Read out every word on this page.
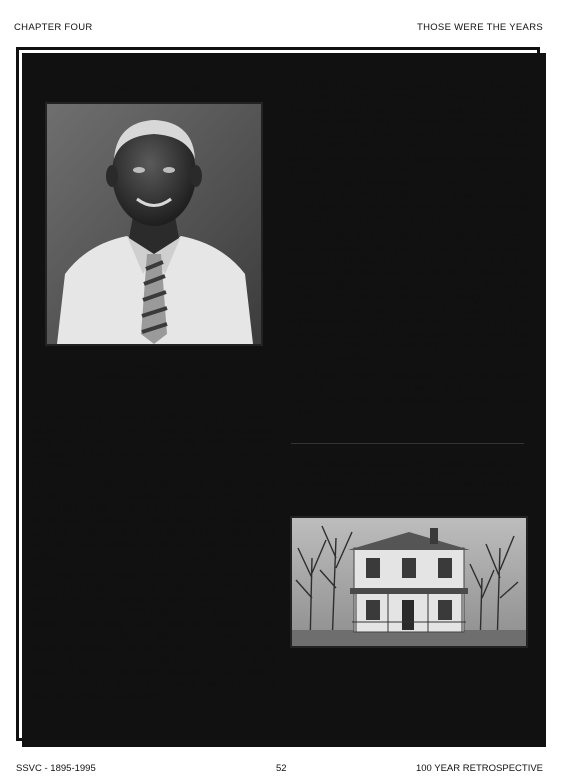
CHAPTER FOUR	THOSE WERE THE YEARS
A TRIBUTE TO "LOVIE"|
LUKE ("Lovie") WESTCOTT
Assistant Farmer -1911-1928

No story about Scotland would be complete without including Luke ("Lovie") Westcott. That nickname may have been given him by early students because of his favorite expressions, "do you love everybody?"

Lovie (some old timers called him "Lubby") was employed as an Assistant Farmer at the school from 1911-1928. He lived in the tenant house by the creek and continued to live there after retirement until his death in 1943. The title of his position was a polite term applied to all the tasks Lovie was asked to perform, some of them menial.

He was very popular with the students. Upon making an appearance on campus, he was quickly surrounded by a group of little children. They all were eager to hear him sing and tell stories. A few words of one song I remember him singing in his tenor voice, sometimes a little squeaky, was "git on board lil' children, git on board, there's room for manya more." The stories he repeated many times mattered not to his willing listeners. They always sounded new to them. Lovie was always cheerful and his laughter fascinating.

In his little garden "patch" along the road from his home to the farm, he grew vegetables for his use. The late Freda Frantz Deam, Class of 1914, told me Lovie would carry vegetables onto the campus for the "kids" he thought were not getting enough to eat. Jim Grimes, Class of 1901, often mused about Lovie being the self-appointed trainmaster at the village station. He announced train arrivals and departures and answered the telephone. When a telephone was first installed in the station, Jim said Lovie laughed heartily and was amused at hearing a voice come to him over that thin wire.

One evening in the early forties, the boys' octet was rehearsing in the Chapel for the state Forensic and Music League Contest. One of the numbers selected was the Negro Spiritual "All God's Chillin' Got Wings." To the octet, this song seemed never ending. Mr. Maclay brought Lovie to hear the boys sing. When he learned they complained about the length of the song, he told the group that on the plantation they knew one hundred verses. Lovie was born of slave parents in North Carolina.

This kindly, loving gentleman, one of Scotland's fondest legends, passed away in 1943. He was one of the most unforgettable persons I have known.

Below: This little tenant house on the school property was known by many students as "Lovie's House." After retiring, he continued to live there until his death in 1943. It was also home for several staff members since then.
SSVC - 1895-1995	52	100 YEAR RETROSPECTIVE
